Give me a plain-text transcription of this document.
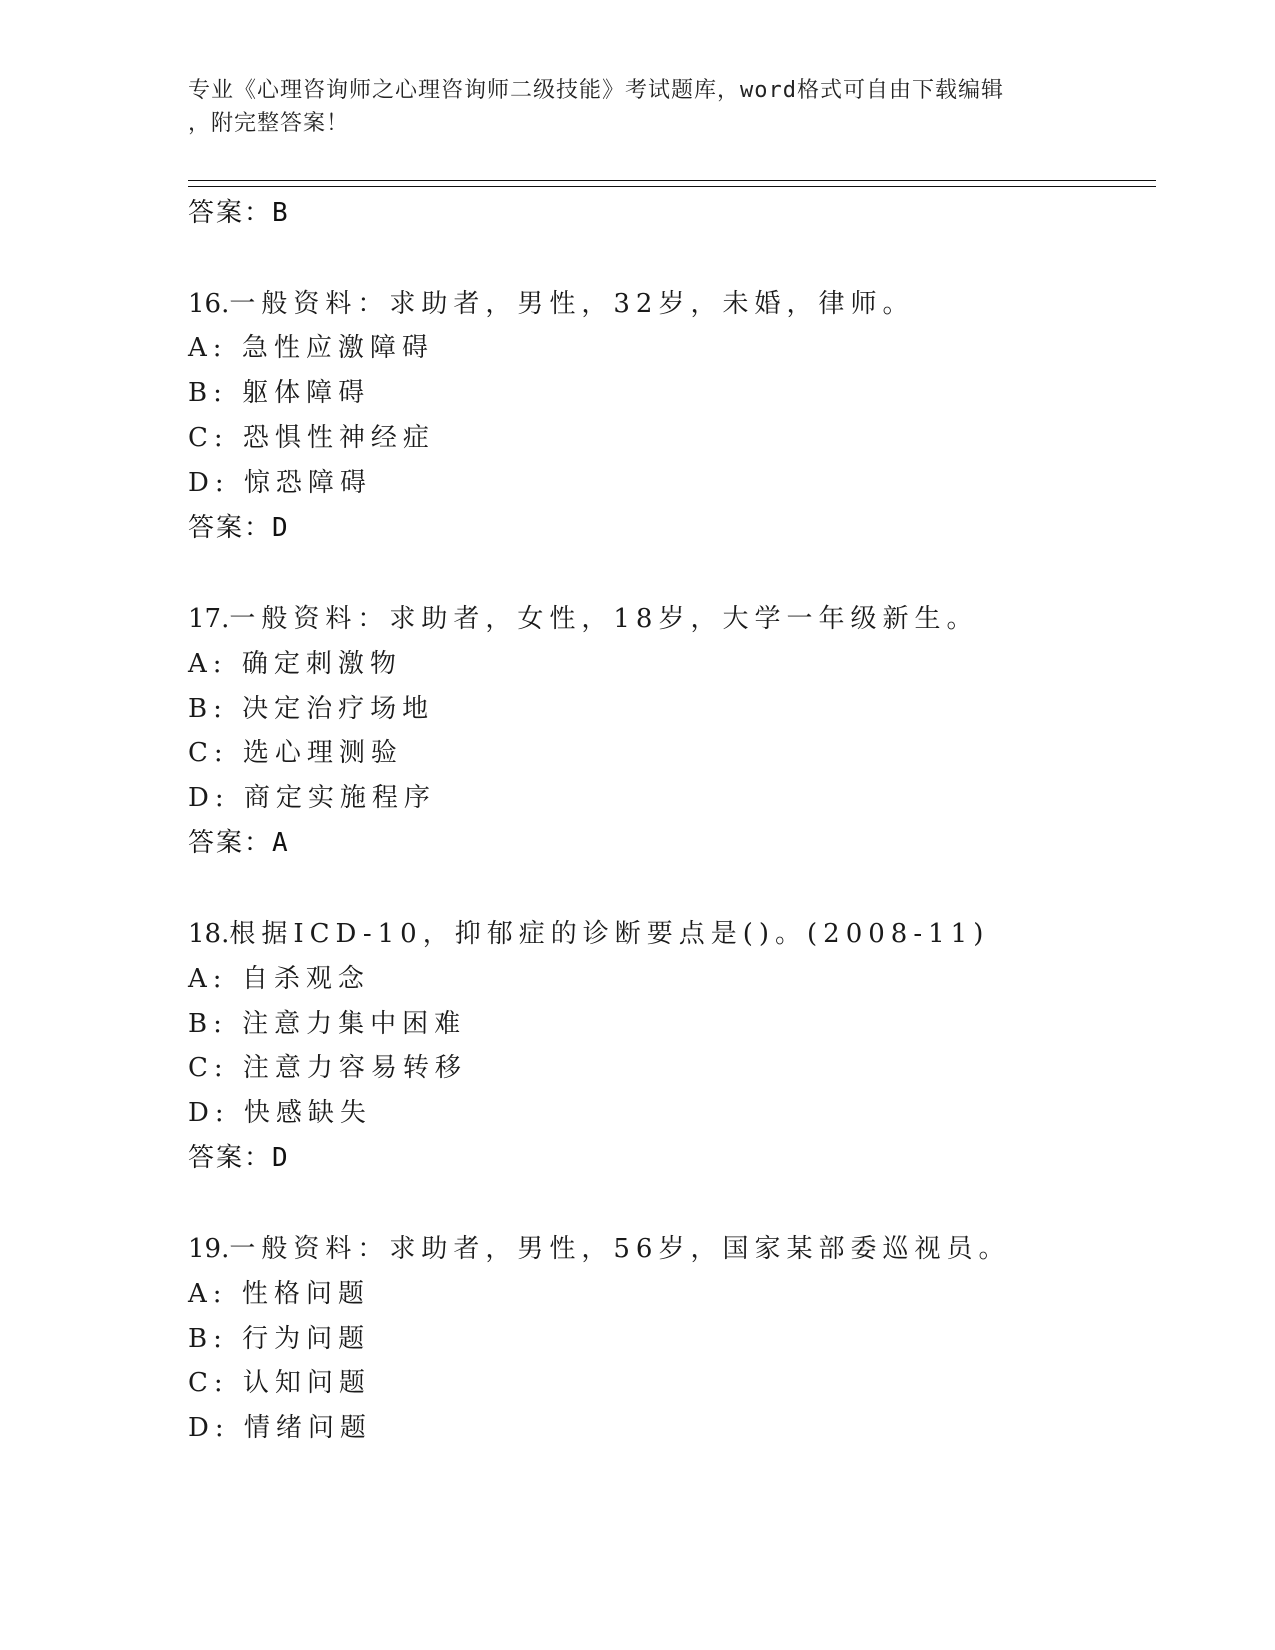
专业《心理咨询师之心理咨询师二级技能》考试题库，word格式可自由下载编辑
，附完整答案！
答案：B
16.一般资料：求助者，男性，32岁，未婚，律师。
A: 急性应激障碍
B: 躯体障碍
C: 恐惧性神经症
D: 惊恐障碍
答案：D
17.一般资料：求助者，女性，18岁，大学一年级新生。
A: 确定刺激物
B: 决定治疗场地
C: 选心理测验
D: 商定实施程序
答案：A
18.根据ICD-10，抑郁症的诊断要点是()。(2008-11)
A: 自杀观念
B: 注意力集中困难
C: 注意力容易转移
D: 快感缺失
答案：D
19.一般资料：求助者，男性，56岁，国家某部委巡视员。
A: 性格问题
B: 行为问题
C: 认知问题
D: 情绪问题
